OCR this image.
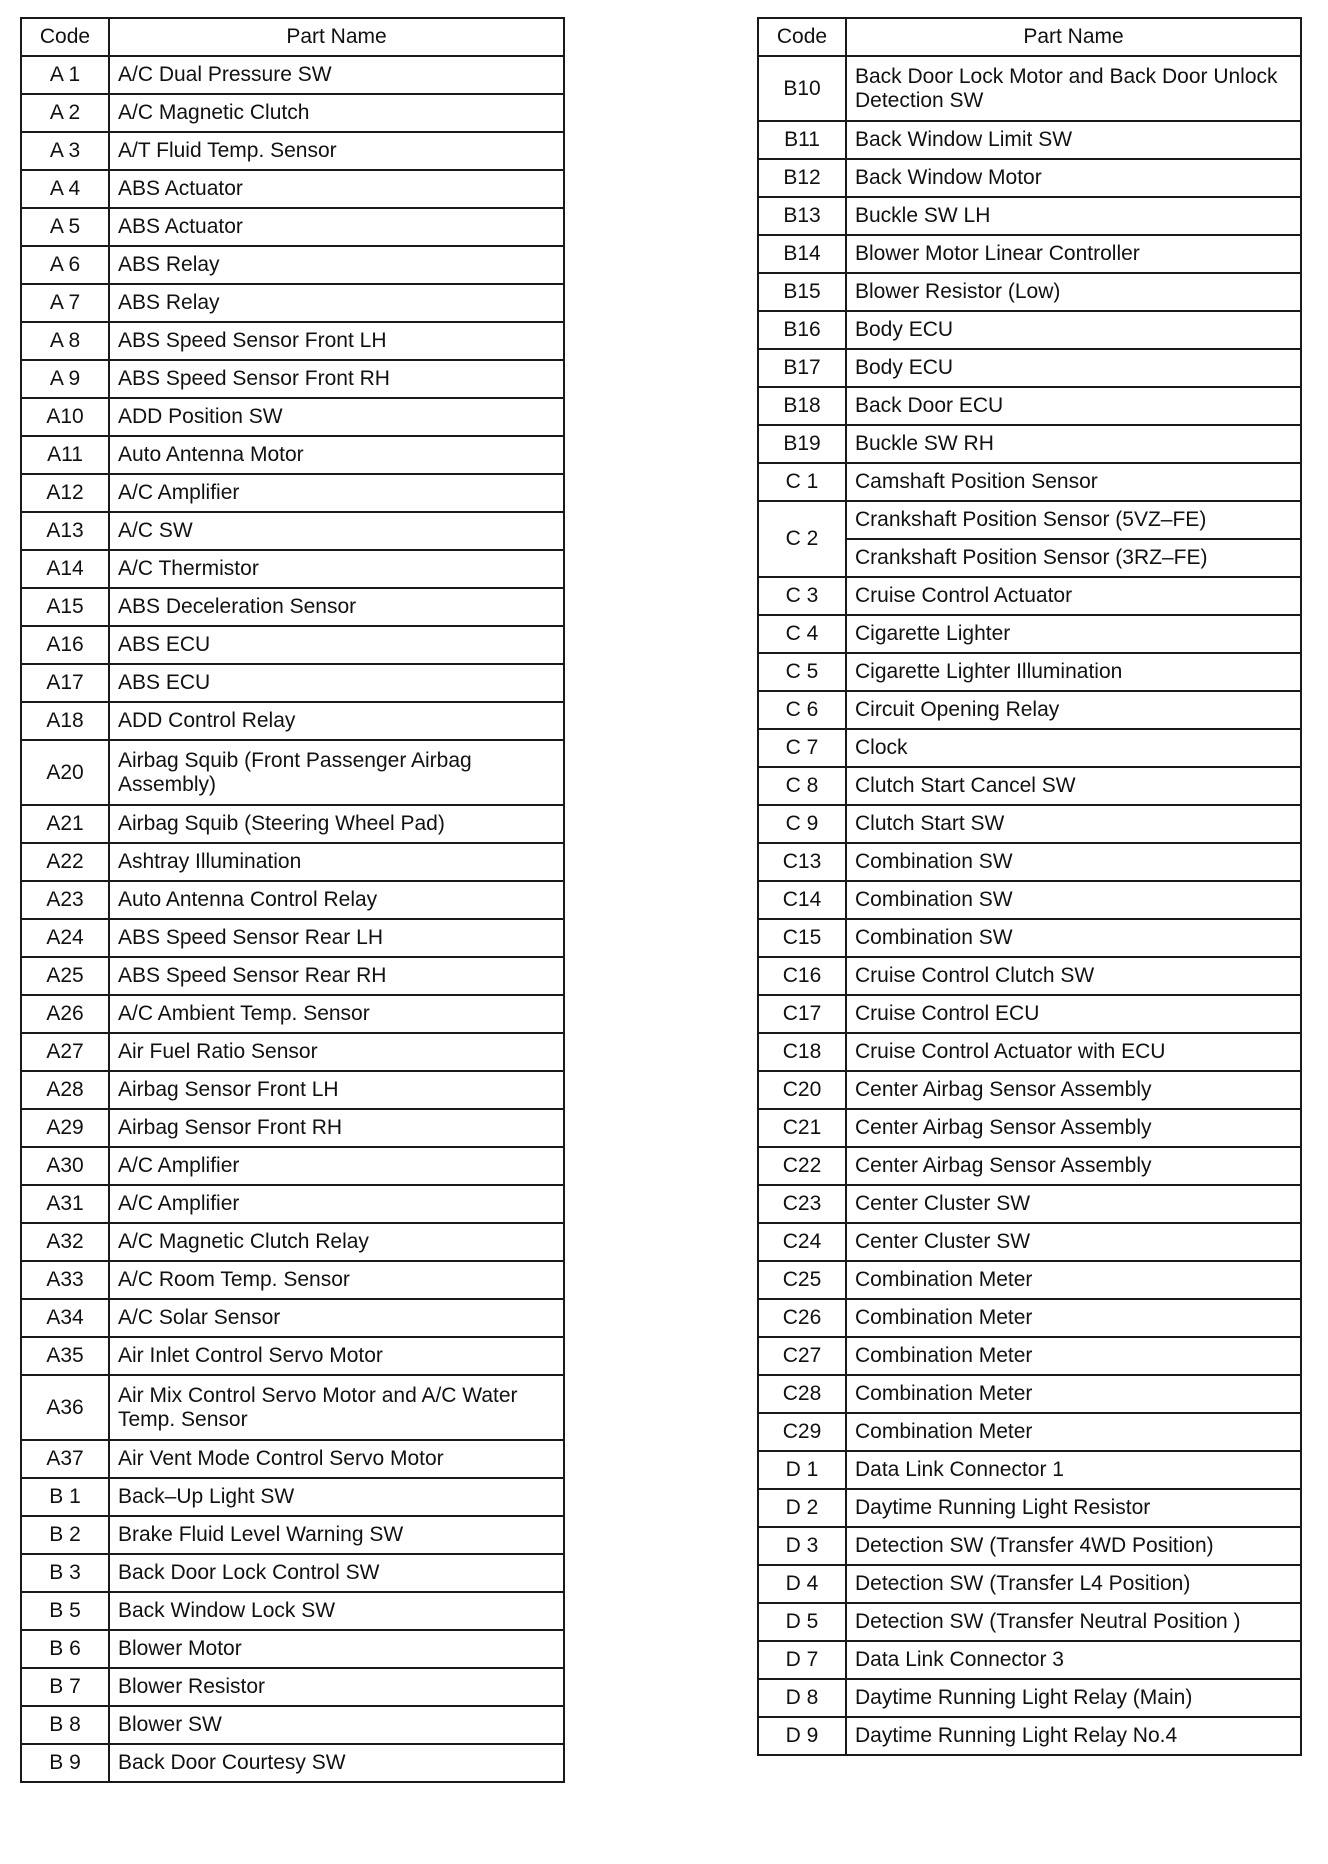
Code	Part Name
A 1	A/C Dual Pressure SW
A 2	A/C Magnetic Clutch
A 3	A/T Fluid Temp. Sensor
A 4	ABS Actuator
A 5	ABS Actuator
A 6	ABS Relay
A 7	ABS Relay
A 8	ABS Speed Sensor Front LH
A 9	ABS Speed Sensor Front RH
A10	ADD Position SW
A11	Auto Antenna Motor
A12	A/C Amplifier
A13	A/C SW
A14	A/C Thermistor
A15	ABS Deceleration Sensor
A16	ABS ECU
A17	ABS ECU
A18	ADD Control Relay
A20	Airbag Squib (Front Passenger Airbag Assembly)
A21	Airbag Squib (Steering Wheel Pad)
A22	Ashtray Illumination
A23	Auto Antenna Control Relay
A24	ABS Speed Sensor Rear LH
A25	ABS Speed Sensor Rear RH
A26	A/C Ambient Temp. Sensor
A27	Air Fuel Ratio Sensor
A28	Airbag Sensor Front LH
A29	Airbag Sensor Front RH
A30	A/C Amplifier
A31	A/C Amplifier
A32	A/C Magnetic Clutch Relay
A33	A/C Room Temp. Sensor
A34	A/C Solar Sensor
A35	Air Inlet Control Servo Motor
A36	Air Mix Control Servo Motor and A/C Water Temp. Sensor
A37	Air Vent Mode Control Servo Motor
B 1	Back–Up Light SW
B 2	Brake Fluid Level Warning SW
B 3	Back Door Lock Control SW
B 5	Back Window Lock SW
B 6	Blower Motor
B 7	Blower Resistor
B 8	Blower SW
B 9	Back Door Courtesy SW
Code	Part Name
B10	Back Door Lock Motor and Back Door Unlock Detection SW
B11	Back Window Limit SW
B12	Back Window Motor
B13	Buckle SW LH
B14	Blower Motor Linear Controller
B15	Blower Resistor (Low)
B16	Body ECU
B17	Body ECU
B18	Back Door ECU
B19	Buckle SW RH
C 1	Camshaft Position Sensor
C 2	Crankshaft Position Sensor (5VZ–FE)
	Crankshaft Position Sensor (3RZ–FE)
C 3	Cruise Control Actuator
C 4	Cigarette Lighter
C 5	Cigarette Lighter Illumination
C 6	Circuit Opening Relay
C 7	Clock
C 8	Clutch Start Cancel SW
C 9	Clutch Start SW
C13	Combination SW
C14	Combination SW
C15	Combination SW
C16	Cruise Control Clutch SW
C17	Cruise Control ECU
C18	Cruise Control Actuator with ECU
C20	Center Airbag Sensor Assembly
C21	Center Airbag Sensor Assembly
C22	Center Airbag Sensor Assembly
C23	Center Cluster SW
C24	Center Cluster SW
C25	Combination Meter
C26	Combination Meter
C27	Combination Meter
C28	Combination Meter
C29	Combination Meter
D 1	Data Link Connector 1
D 2	Daytime Running Light Resistor
D 3	Detection SW (Transfer 4WD Position)
D 4	Detection SW (Transfer L4 Position)
D 5	Detection SW (Transfer Neutral Position )
D 7	Data Link Connector 3
D 8	Daytime Running Light Relay (Main)
D 9	Daytime Running Light Relay No.4
